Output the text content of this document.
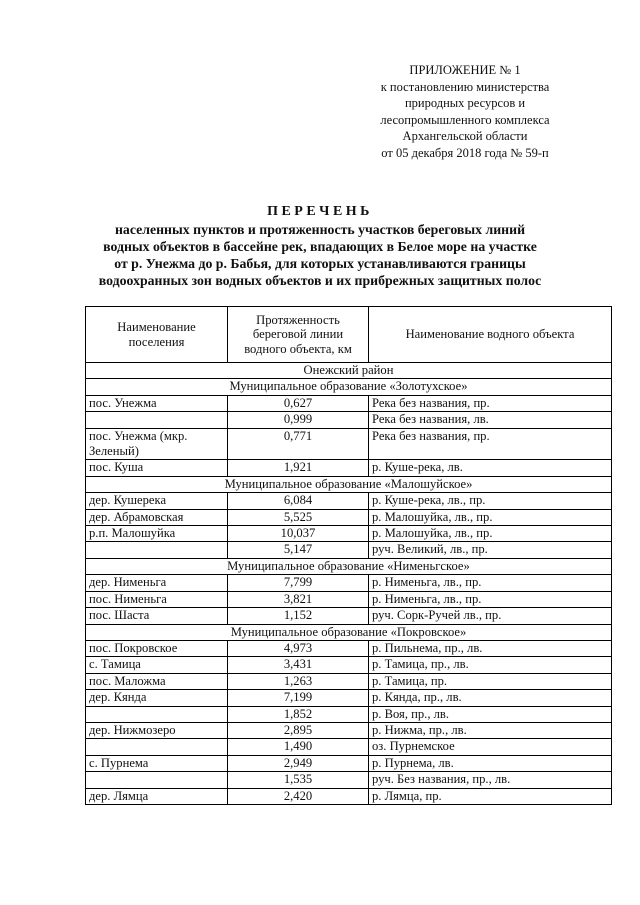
ПРИЛОЖЕНИЕ № 1
к постановлению министерства
природных ресурсов и
лесопромышленного комплекса
Архангельской области
от 05 декабря 2018 года № 59-п
ПЕРЕЧЕНЬ
населенных пунктов и протяженность участков береговых линий
водных объектов в бассейне рек, впадающих в Белое море на участке
от р. Унежма до р. Бабья, для которых устанавливаются границы
водоохранных зон водных объектов и их прибрежных защитных полос
Наименование поселения	Протяженность береговой линии водного объекта, км	Наименование водного объекта
Онежский район		
Муниципальное образование «Золотухское»		
пос. Унежма	0,627	Река без названия, пр.
	0,999	Река без названия, лв.
пос. Унежма (мкр. Зеленый)	0,771	Река без названия, пр.
пос. Куша	1,921	р. Куше-река, лв.
Муниципальное образование «Малошуйское»		
дер. Кушерека	6,084	р. Куше-река, лв., пр.
дер. Абрамовская	5,525	р. Малошуйка, лв., пр.
р.п. Малошуйка	10,037	р. Малошуйка, лв., пр.
	5,147	руч. Великий, лв., пр.
Муниципальное образование «Нименьгское»		
дер. Нименьга	7,799	р. Нименьга, лв., пр.
пос. Нименьга	3,821	р. Нименьга, лв., пр.
пос. Шаста	1,152	руч. Сорк-Ручей лв., пр.
Муниципальное образование «Покровское»		
пос. Покровское	4,973	р. Пильнема, пр., лв.
с. Тамица	3,431	р. Тамица, пр., лв.
пос. Маложма	1,263	р. Тамица, пр.
дер. Кянда	7,199	р. Кянда, пр., лв.
	1,852	р. Воя, пр., лв.
дер. Нижмозеро	2,895	р. Нижма, пр., лв.
	1,490	оз. Пурнемское
с. Пурнема	2,949	р. Пурнема, лв.
	1,535	руч. Без названия, пр., лв.
дер. Лямца	2,420	р. Лямца, пр.
